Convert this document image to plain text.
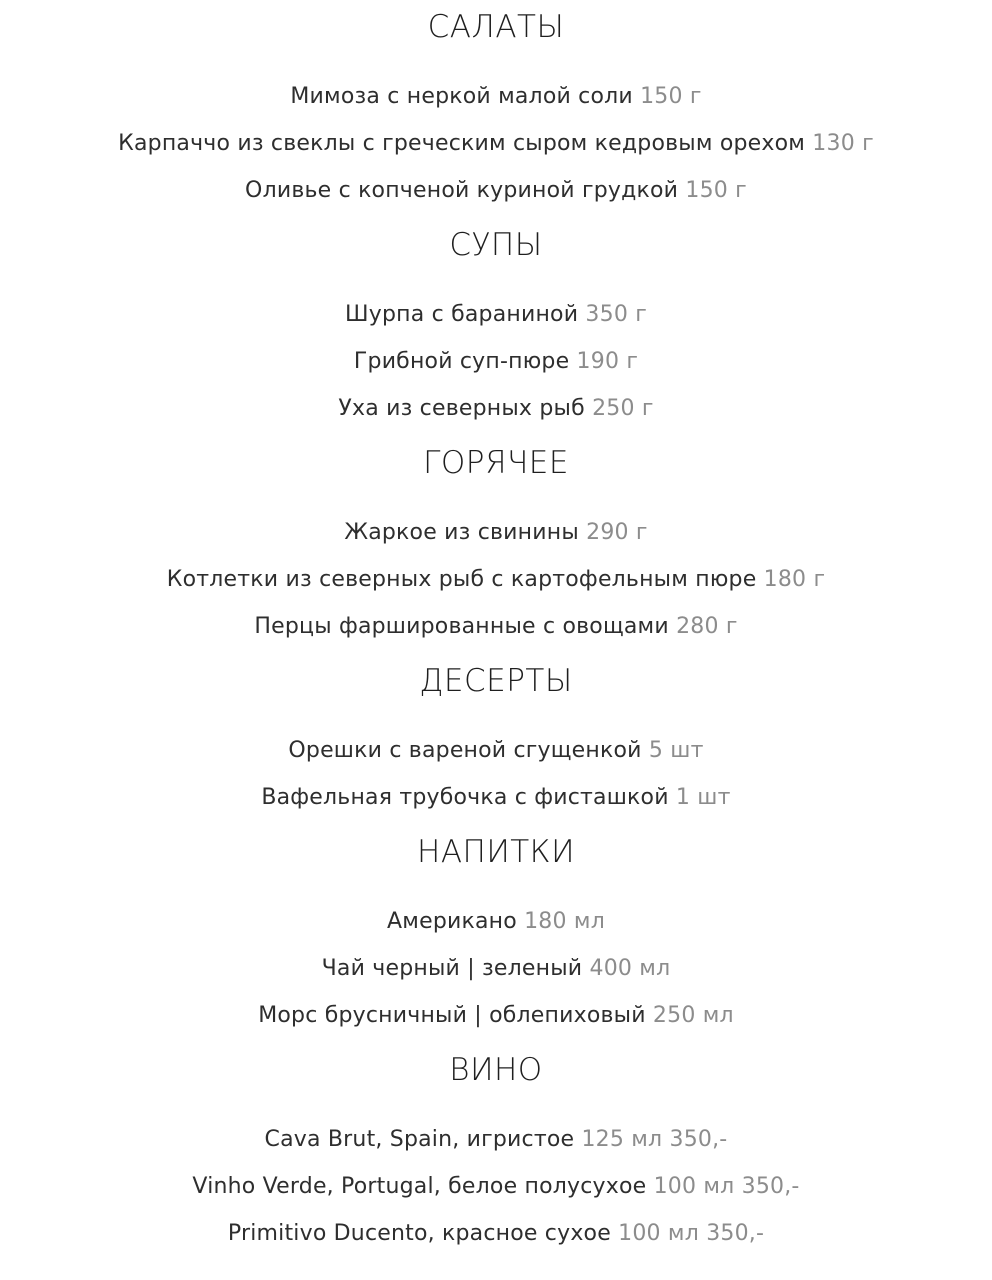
САЛАТЫ
Мимоза с неркой малой соли 150 г
Карпаччо из свеклы с греческим сыром кедровым орехом 130 г
Оливье с копченой куриной грудкой 150 г
СУПЫ
Шурпа с бараниной 350 г
Грибной суп-пюре 190 г
Уха из северных рыб 250 г
ГОРЯЧЕЕ
Жаркое из свинины 290 г
Котлетки из северных рыб с картофельным пюре 180 г
Перцы фаршированные с овощами 280 г
ДЕСЕРТЫ
Орешки с вареной сгущенкой 5 шт
Вафельная трубочка с фисташкой 1 шт
НАПИТКИ
Американо 180 мл
Чай черный | зеленый 400 мл
Морс брусничный | облепиховый 250 мл
ВИНО
Cava Brut, Spain, игристое 125 мл 350,-
Vinho Verde, Portugal, белое полусухое 100 мл 350,-
Primitivo Ducento, красное сухое 100 мл 350,-
